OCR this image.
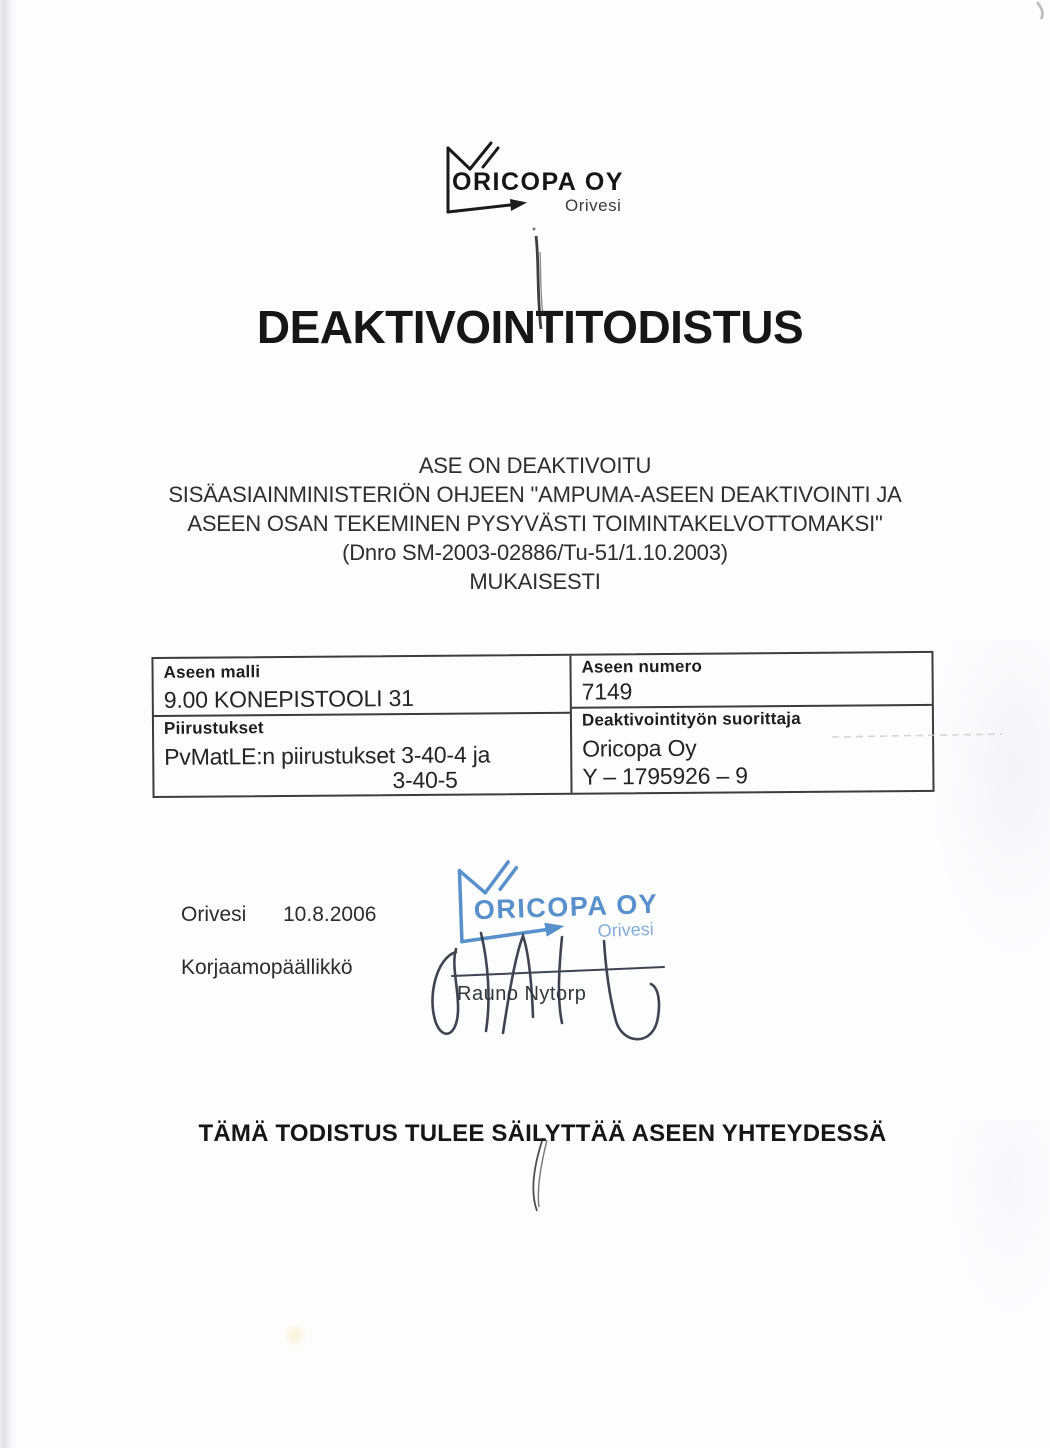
ORICOPA OY
Orivesi
DEAKTIVOINTITODISTUS
ASE ON DEAKTIVOITU
SISÄASIAINMINISTERIÖN OHJEEN "AMPUMA-ASEEN DEAKTIVOINTI JA
ASEEN OSAN TEKEMINEN PYSYVÄSTI TOIMINTAKELVOTTOMAKSI"
(Dnro SM-2003-02886/Tu-51/1.10.2003)
MUKAISESTI
Aseen malli
9.00 KONEPISTOOLI 31
Aseen numero
7149
Piirustukset
PvMatLE:n piirustukset 3-40-4 ja
3-40-5
Deaktivointityön suorittaja
Oricopa Oy
Y – 1795926 – 9
Orivesi 10.8.2006
Korjaamopäällikkö
ORICOPA OY
Orivesi
Rauno Nytorp
TÄMÄ TODISTUS TULEE SÄILYTTÄÄ ASEEN YHTEYDESSÄ
